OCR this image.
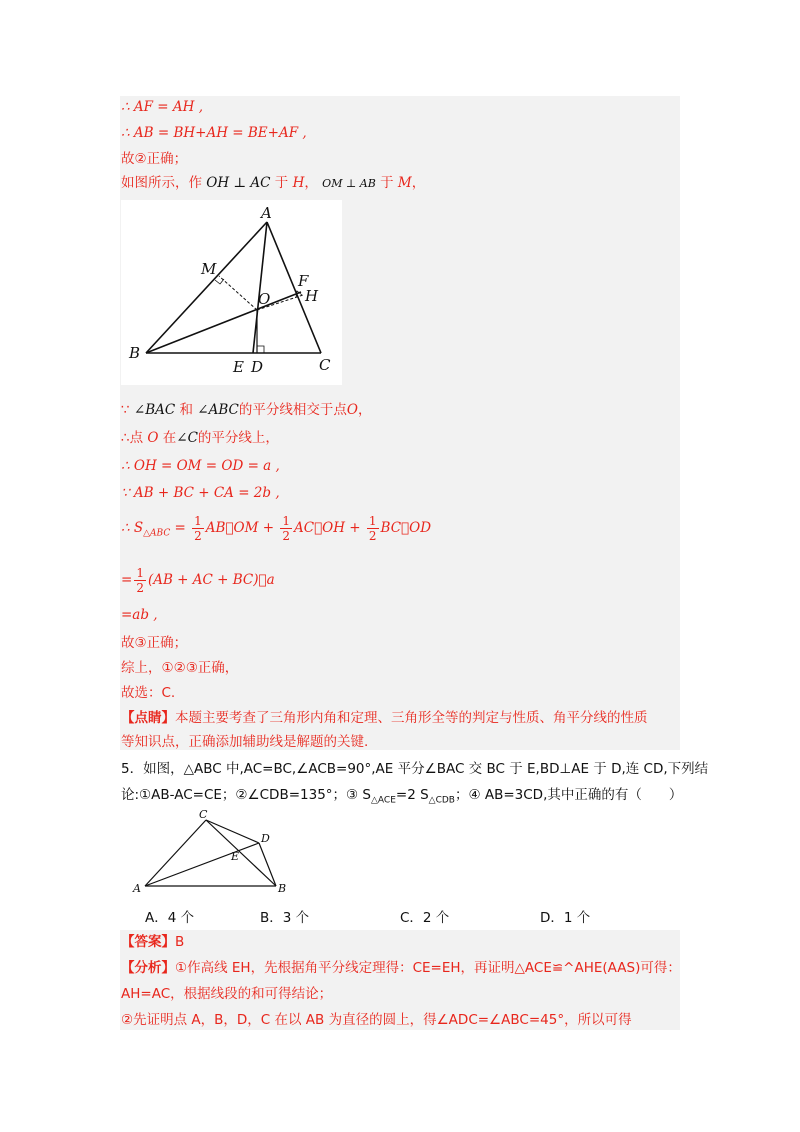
∴ AF = AH ,
∴ AB = BH+AH = BE+AF ,
故②正确；
如图所示，作 OH ⊥ AC 于 H， OM ⊥ AB 于 M，
A
M
F
O H
B
E D	C
∵ ∠BAC 和 ∠ABC的平分线相交于点O，
∴点 O 在∠C的平分线上，
∴ OH = OM = OD = a ,
∵ AB + BC + CA = 2b ,
∴ $S_{\triangle ABC} = \frac{1}{2}$ AB⃞OM + $\frac{1}{2}$ AC⃞OH + $\frac{1}{2}$ BC⃞OD
= $\frac{1}{2} (AB$ + AC + BC)⃞a
=ab ,
故③正确；
综上，①②③正确，
故选：C.
【点睛】本题主要考查了三角形内角和定理、三角形全等的判定与性质、角平分线的性质
等知识点，正确添加辅助线是解题的关键.
5．如图，△ABC 中,AC=BC,∠ACB=90°,AE 平分∠BAC 交 BC 于 E,BD⊥AE 于 D,连 CD,下列结
论:①AB-AC=CE；②∠CDB=135°；③ $S_{\triangle ACE}=2$ $S_{\triangle CDB}$；④ AB=3CD,其中正确的有（　　）
C
D
E
A	B
A．4 个	B．3 个	C．2 个	D．1 个
【答案】B
【分析】①作高线 EH，先根据角平分线定理得：CE=EH，再证明△ACE≌^AHE(AAS)可得：
AH=AC，根据线段的和可得结论；
②先证明点 A，B，D，C 在以 AB 为直径的圆上，得∠ADC=∠ABC=45°，所以可得
